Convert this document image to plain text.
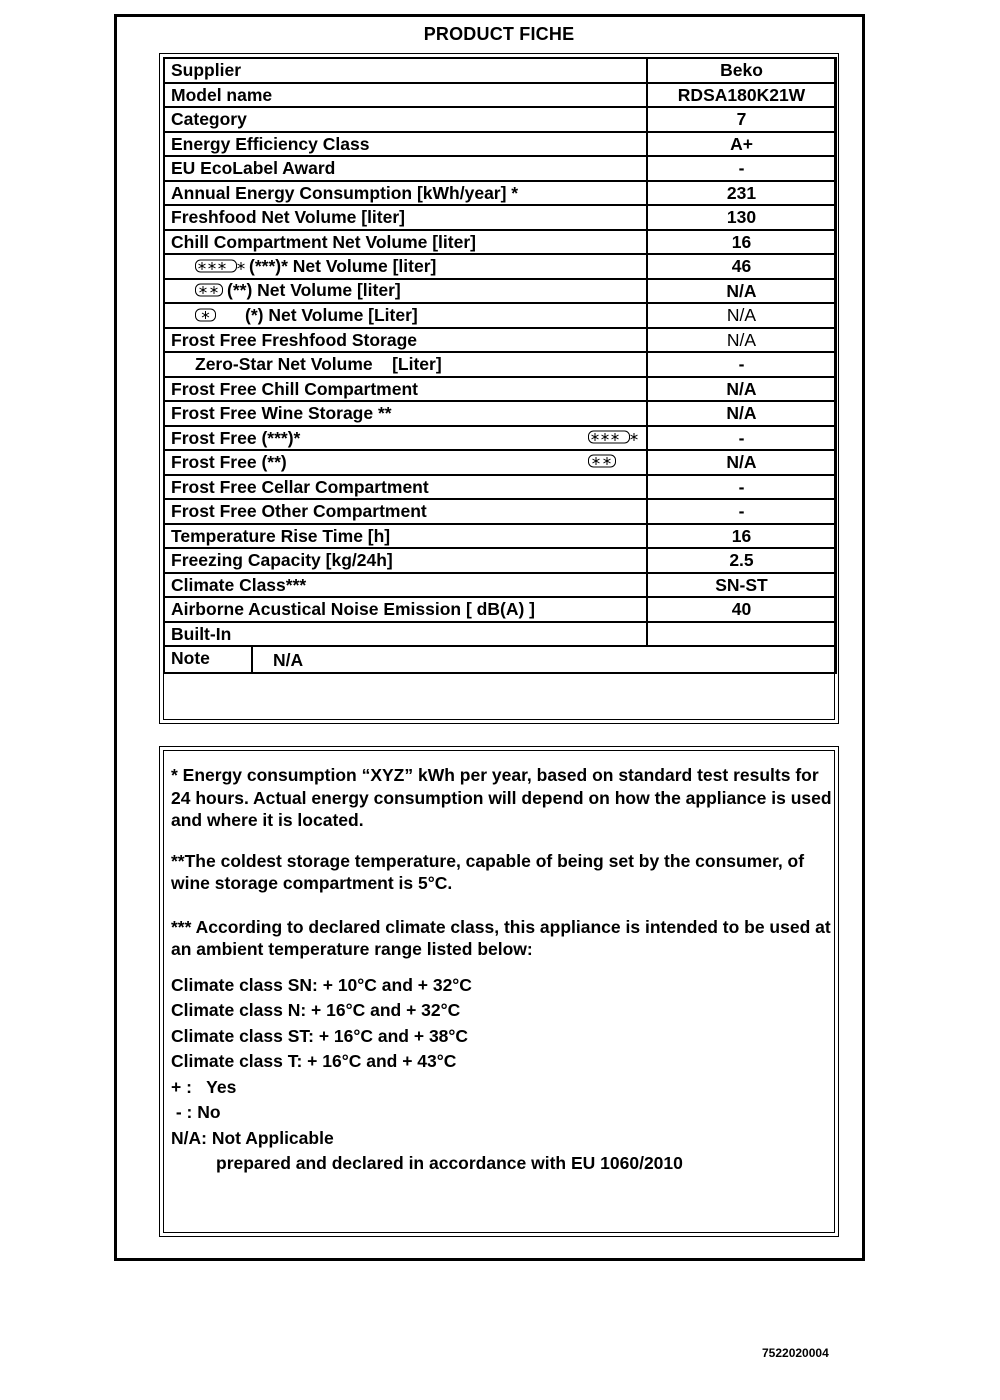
PRODUCT FICHE
Supplier	Beko
Model name	RDSA180K21W
Category	7
Energy Efficiency Class	A+
EU EcoLabel Award	-
Annual Energy Consumption [kWh/year] *	231
Freshfood Net Volume [liter]	130
Chill Compartment Net Volume [liter]	16
(***)* Net Volume [liter]	46
(**) Net Volume [liter]	N/A
(*) Net Volume [Liter]	N/A
Frost Free Freshfood Storage	N/A
Zero-Star Net Volume    [Liter]	-
Frost Free Chill Compartment	N/A
Frost Free Wine Storage **	N/A

Frost Free (***)*	-

Frost Free (**)	N/A
Frost Free Cellar Compartment	-
Frost Free Other Compartment	-
Temperature Rise Time [h]	16
Freezing Capacity [kg/24h]	2.5
Climate Class***	SN-ST
Airborne Acustical Noise Emission [ dB(A) ]	40
Built-In	

Note N/A	

* Energy consumption “XYZ” kWh per year, based on standard test results for 24 hours. Actual energy consumption will depend on how the appliance is used and where it is located.

**The coldest storage temperature, capable of being set by the consumer, of wine storage compartment is 5°C.

*** According to declared climate class, this appliance is intended to be used at an ambient temperature range listed below:

Climate class SN: + 10°C and + 32°C

Climate class N: + 16°C and + 32°C

Climate class ST: + 16°C and + 38°C

Climate class T: + 16°C and + 43°C

+ :   Yes

- : No

N/A: Not Applicable

prepared and declared in accordance with EU 1060/2010

7522020004
